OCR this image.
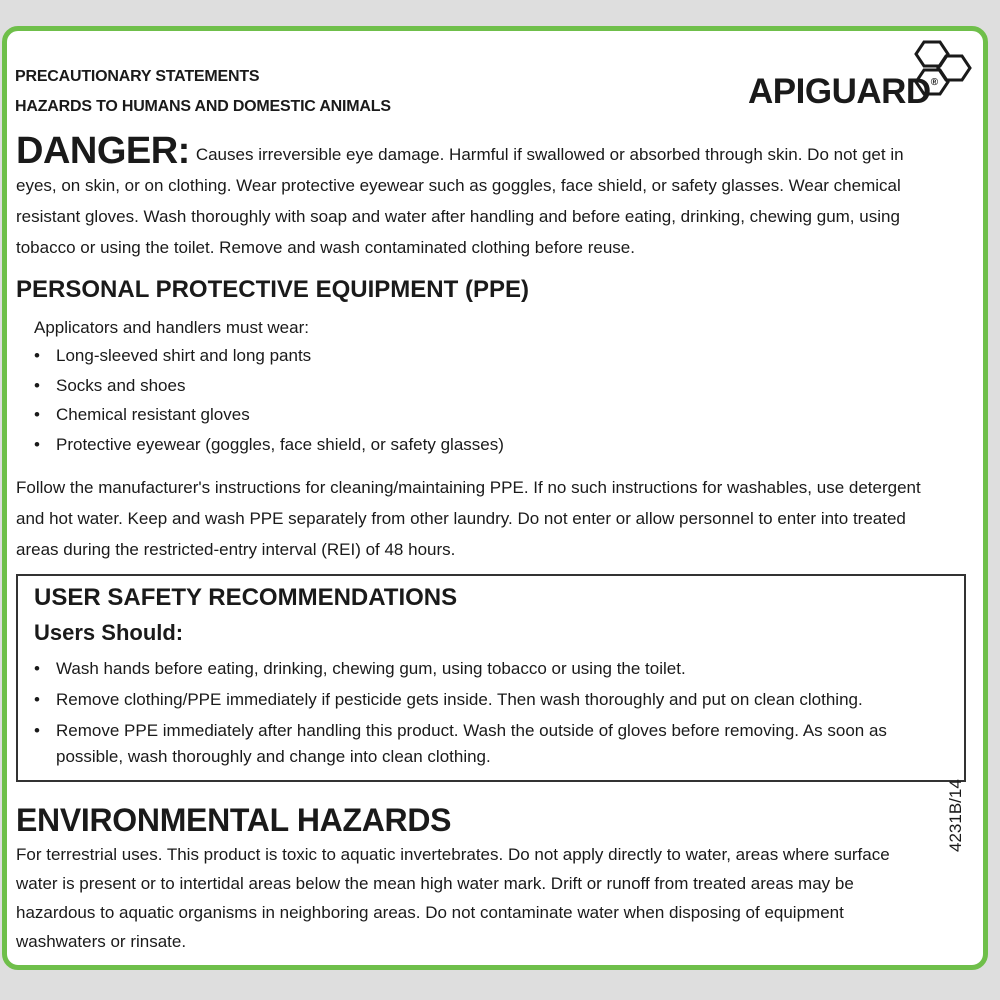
PRECAUTIONARY STATEMENTS
HAZARDS TO HUMANS AND DOMESTIC ANIMALS	APIGUARD®
DANGER: Causes irreversible eye damage. Harmful if swallowed or absorbed through skin. Do not get in eyes, on skin, or on clothing. Wear protective eyewear such as goggles, face shield, or safety glasses. Wear chemical resistant gloves. Wash thoroughly with soap and water after handling and before eating, drinking, chewing gum, using tobacco or using the toilet. Remove and wash contaminated clothing before reuse.
PERSONAL PROTECTIVE EQUIPMENT (PPE)
Applicators and handlers must wear:
• Long-sleeved shirt and long pants
• Socks and shoes
• Chemical resistant gloves
• Protective eyewear (goggles, face shield, or safety glasses)
Follow the manufacturer's instructions for cleaning/maintaining PPE. If no such instructions for washables, use detergent and hot water. Keep and wash PPE separately from other laundry. Do not enter or allow personnel to enter into treated areas during the restricted-entry interval (REI) of 48 hours.
USER SAFETY RECOMMENDATIONS
Users Should:
• Wash hands before eating, drinking, chewing gum, using tobacco or using the toilet.
• Remove clothing/PPE immediately if pesticide gets inside. Then wash thoroughly and put on clean clothing.
• Remove PPE immediately after handling this product. Wash the outside of gloves before removing. As soon as possible, wash thoroughly and change into clean clothing.
ENVIRONMENTAL HAZARDS
For terrestrial uses. This product is toxic to aquatic invertebrates. Do not apply directly to water, areas where surface water is present or to intertidal areas below the mean high water mark. Drift or runoff from treated areas may be hazardous to aquatic organisms in neighboring areas. Do not contaminate water when disposing of equipment washwaters or rinsate.
4231B/14
